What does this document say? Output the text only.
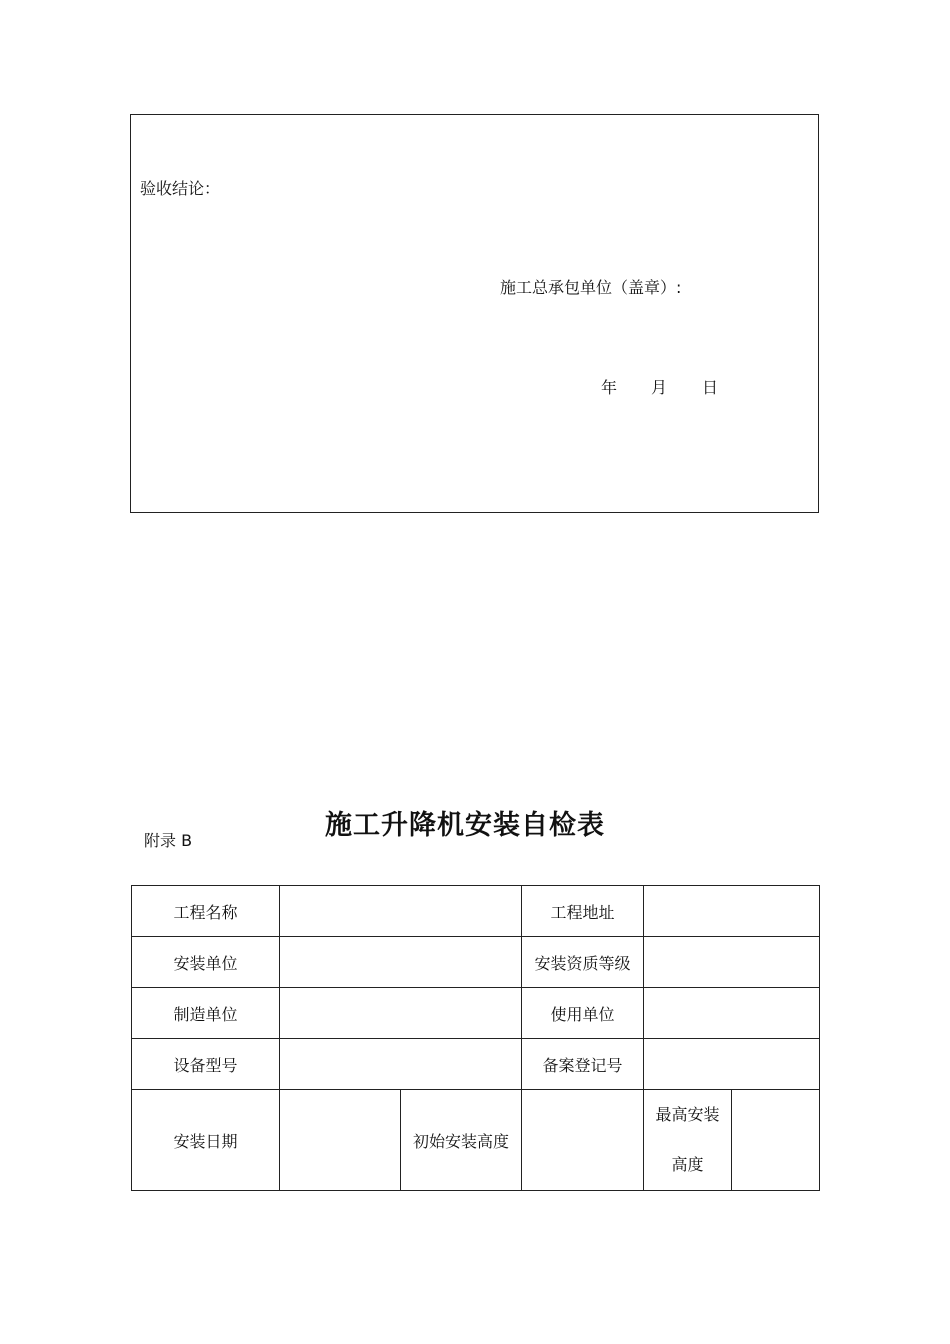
验收结论：
施工总承包单位（盖章）:
年 月 日
附录 B	施工升降机安装自检表
工程名称			工程地址		
安装单位			安装资质等级		
制造单位			使用单位		
设备型号			备案登记号		
安装日期		初始安装高度		最高安装
高度	
